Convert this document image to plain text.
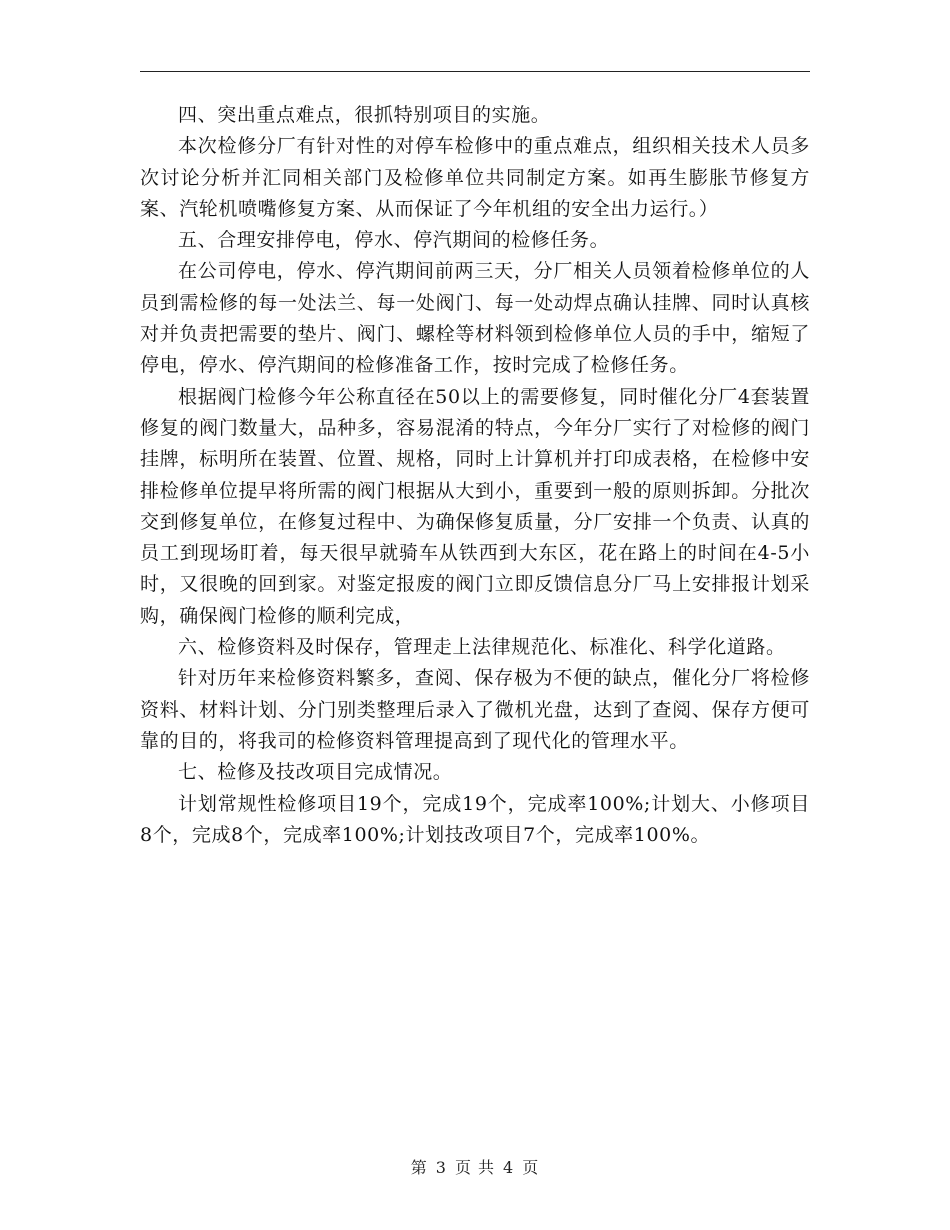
四、突出重点难点，很抓特别项目的实施。

本次检修分厂有针对性的对停车检修中的重点难点，组织相关技术人员多次讨论分析并汇同相关部门及检修单位共同制定方案。如再生膨胀节修复方案、汽轮机喷嘴修复方案、从而保证了今年机组的安全出力运行。）

五、合理安排停电，停水、停汽期间的检修任务。

在公司停电，停水、停汽期间前两三天，分厂相关人员领着检修单位的人员到需检修的每一处法兰、每一处阀门、每一处动焊点确认挂牌、同时认真核对并负责把需要的垫片、阀门、螺栓等材料领到检修单位人员的手中，缩短了停电，停水、停汽期间的检修准备工作，按时完成了检修任务。

根据阀门检修今年公称直径在50以上的需要修复，同时催化分厂4套装置修复的阀门数量大，品种多，容易混淆的特点，今年分厂实行了对检修的阀门挂牌，标明所在装置、位置、规格，同时上计算机并打印成表格，在检修中安排检修单位提早将所需的阀门根据从大到小，重要到一般的原则拆卸。分批次交到修复单位，在修复过程中、为确保修复质量，分厂安排一个负责、认真的员工到现场盯着，每天很早就骑车从铁西到大东区，花在路上的时间在4-5小时，又很晚的回到家。对鉴定报废的阀门立即反馈信息分厂马上安排报计划采购，确保阀门检修的顺利完成，

六、检修资料及时保存，管理走上法律规范化、标准化、科学化道路。

针对历年来检修资料繁多，查阅、保存极为不便的缺点，催化分厂将检修资料、材料计划、分门别类整理后录入了微机光盘，达到了查阅、保存方便可靠的目的，将我司的检修资料管理提高到了现代化的管理水平。

七、检修及技改项目完成情况。

计划常规性检修项目19个，完成19个，完成率100%;计划大、小修项目8个，完成8个，完成率100%;计划技改项目7个，完成率100%。

第 3 页 共 4 页
